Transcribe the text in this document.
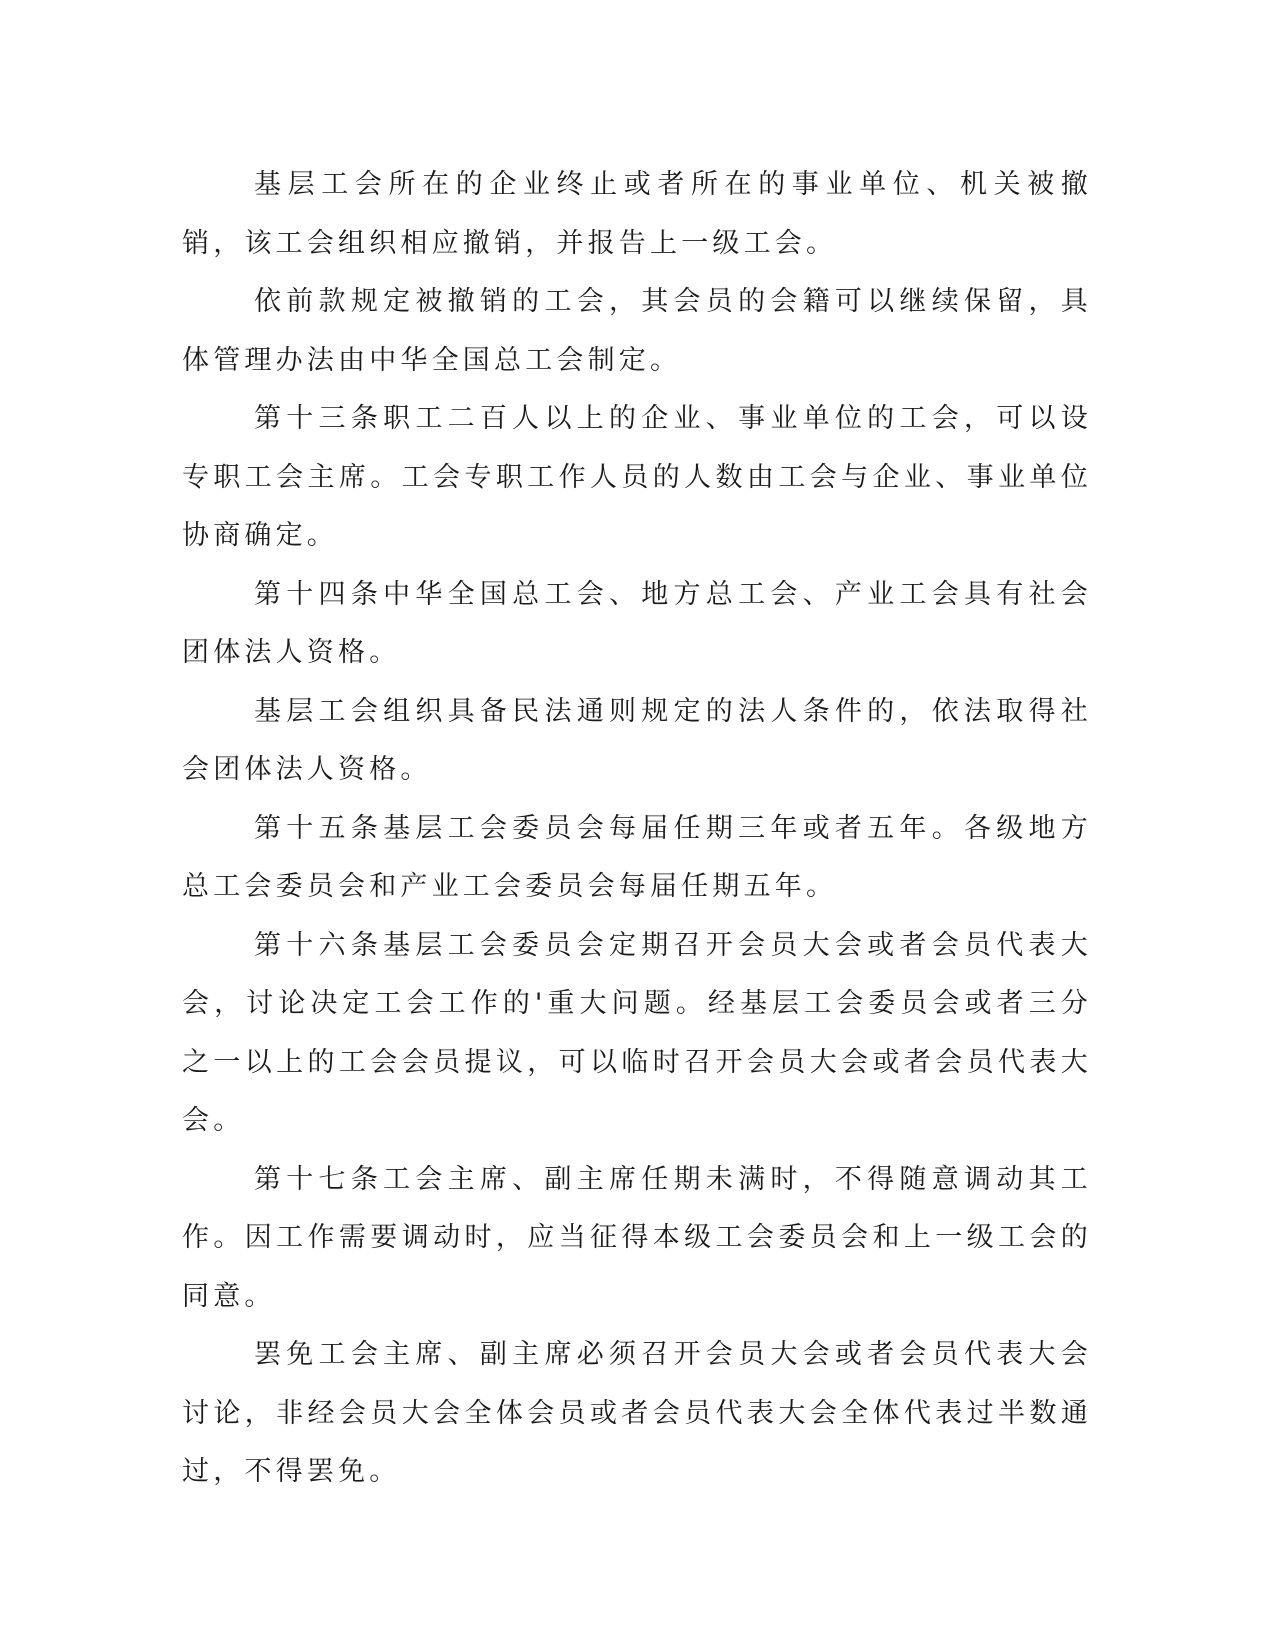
基层工会所在的企业终止或者所在的事业单位、机关被撤销，该工会组织相应撤销，并报告上一级工会。

依前款规定被撤销的工会，其会员的会籍可以继续保留，具体管理办法由中华全国总工会制定。

第十三条职工二百人以上的企业、事业单位的工会，可以设专职工会主席。工会专职工作人员的人数由工会与企业、事业单位协商确定。

第十四条中华全国总工会、地方总工会、产业工会具有社会团体法人资格。

基层工会组织具备民法通则规定的法人条件的，依法取得社会团体法人资格。

第十五条基层工会委员会每届任期三年或者五年。各级地方总工会委员会和产业工会委员会每届任期五年。

第十六条基层工会委员会定期召开会员大会或者会员代表大会，讨论决定工会工作的'重大问题。经基层工会委员会或者三分之一以上的工会会员提议，可以临时召开会员大会或者会员代表大会。

第十七条工会主席、副主席任期未满时，不得随意调动其工作。因工作需要调动时，应当征得本级工会委员会和上一级工会的同意。

罢免工会主席、副主席必须召开会员大会或者会员代表大会讨论，非经会员大会全体会员或者会员代表大会全体代表过半数通过，不得罢免。
